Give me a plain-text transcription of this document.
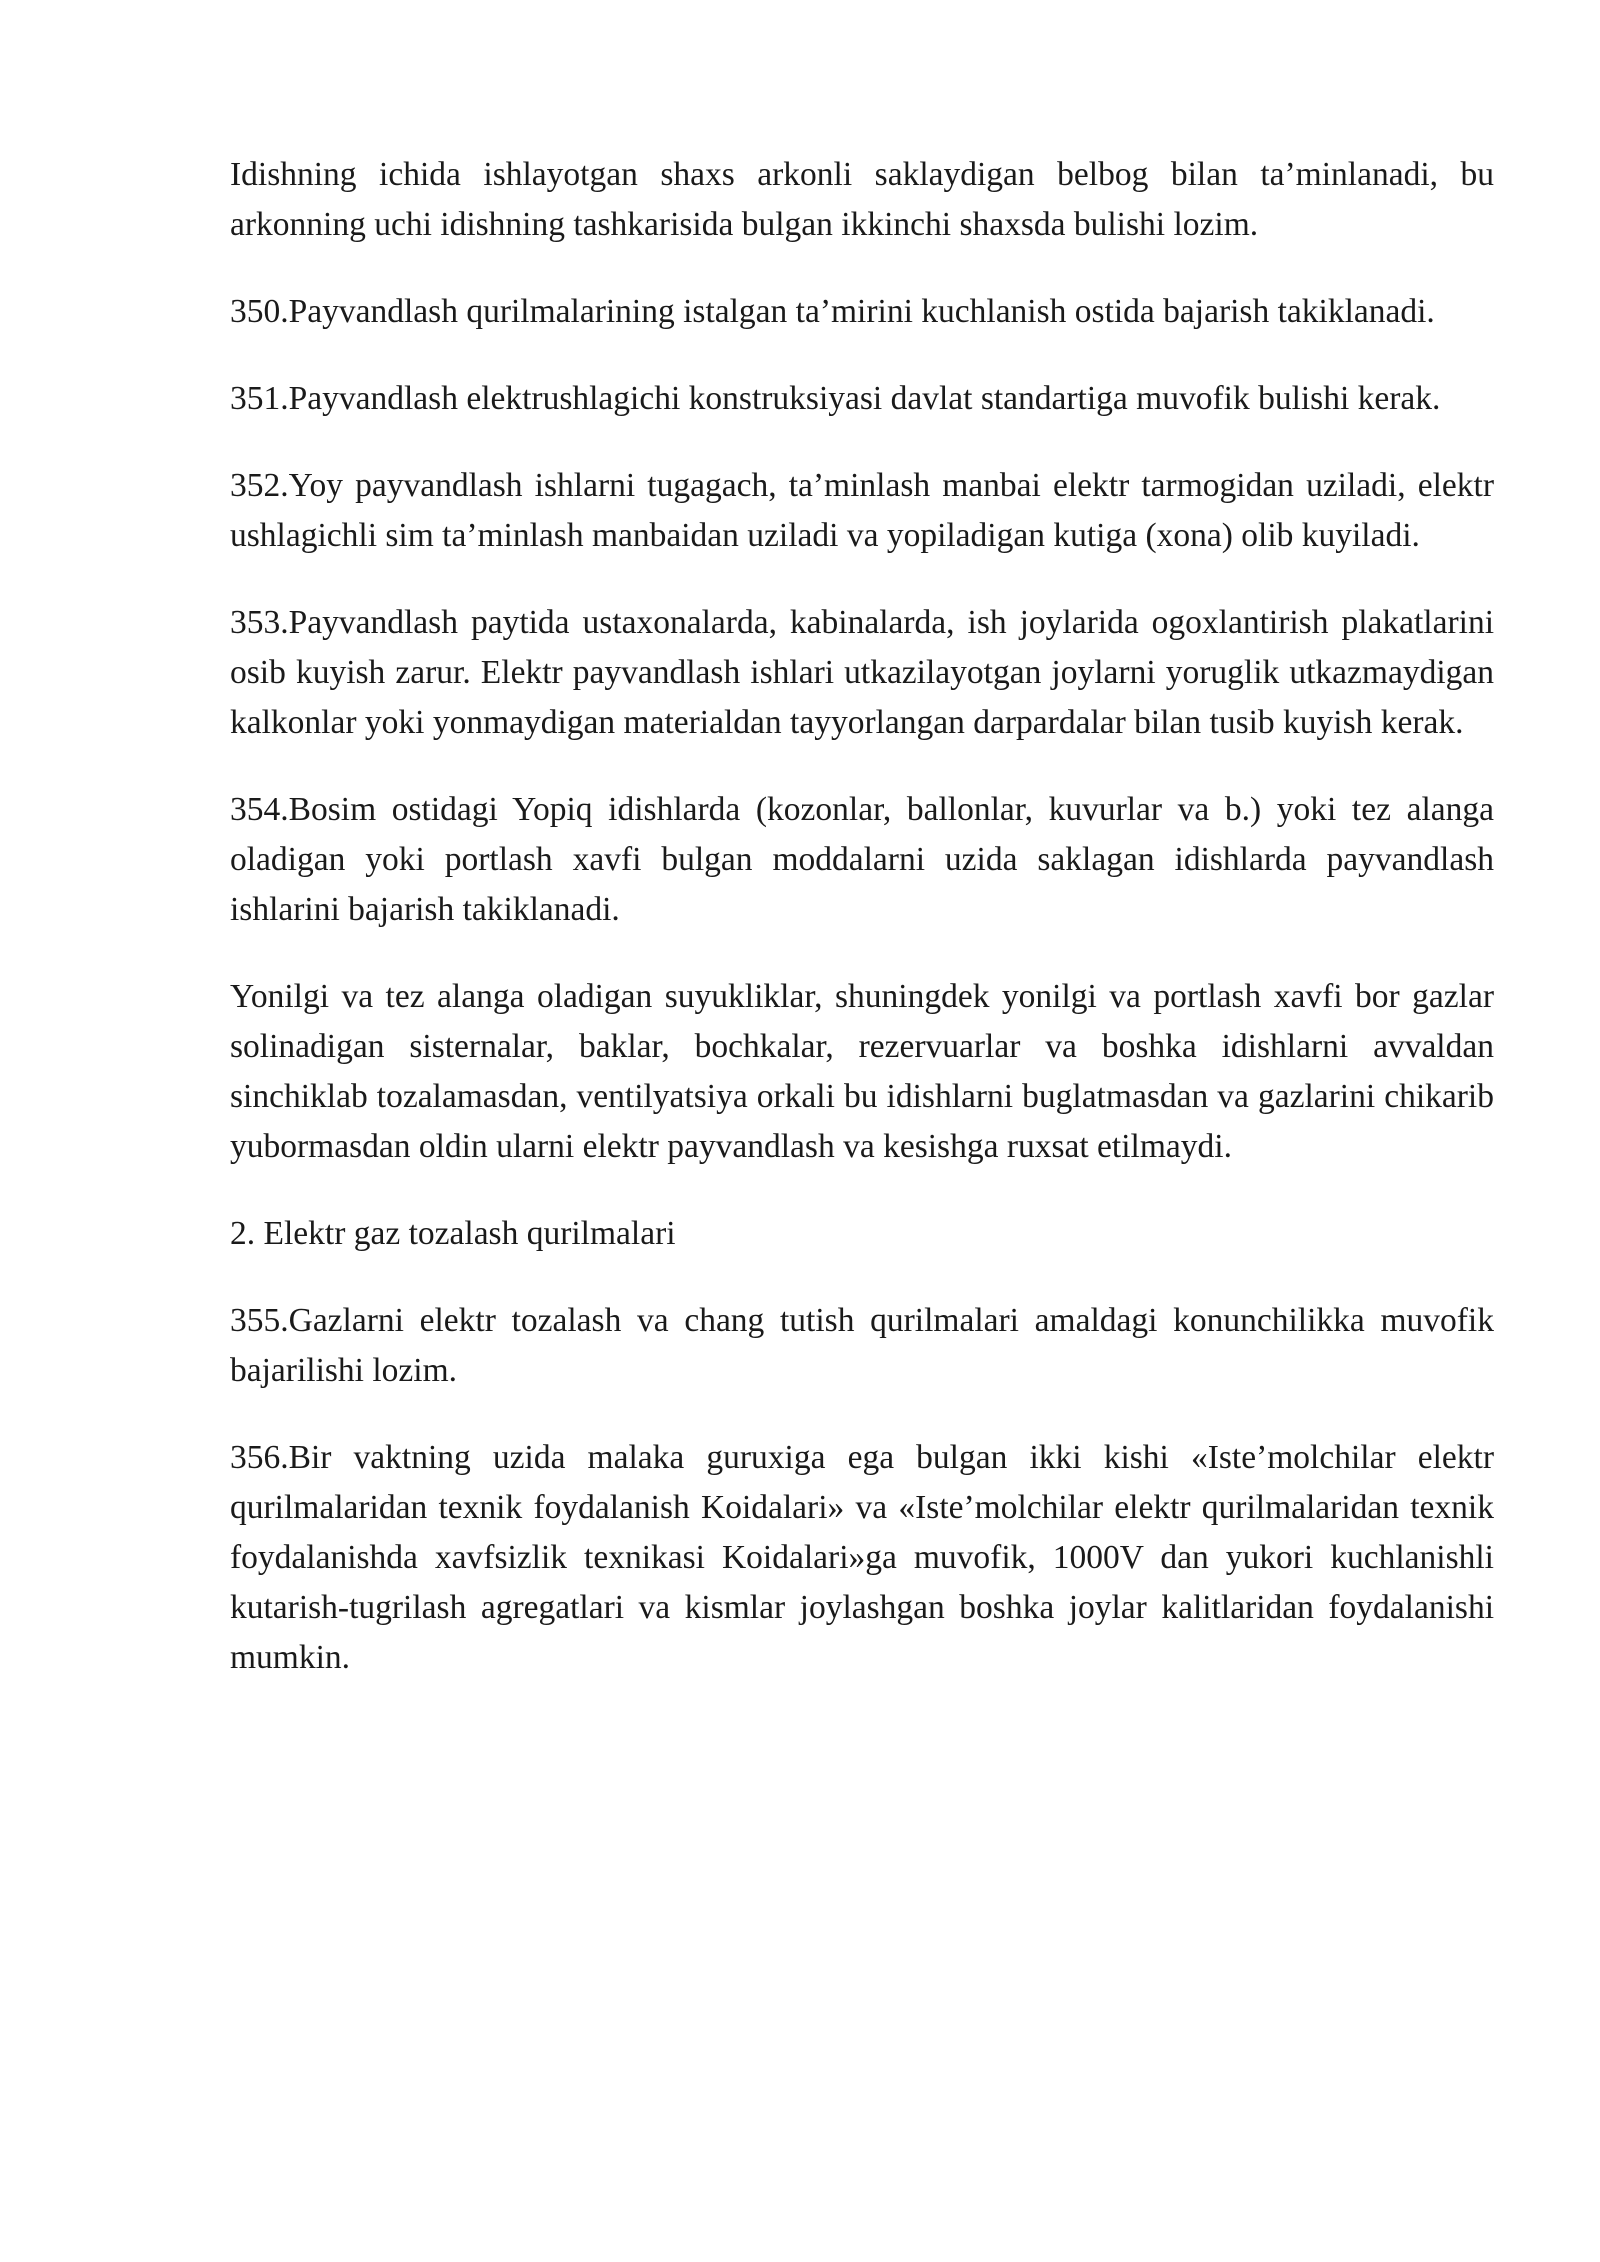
Idishning ichida ishlayotgan shaxs arkonli saklaydigan belbog bilan ta’minlanadi, bu arkonning uchi idishning tashkarisida bulgan ikkinchi shaxsda bulishi lozim.

350.Payvandlash qurilmalarining istalgan ta’mirini kuchlanish ostida bajarish takiklanadi.

351.Payvandlash elektrushlagichi konstruksiyasi davlat standartiga muvofik bulishi kerak.

352.Yoy payvandlash ishlarni tugagach, ta’minlash manbai elektr tarmogidan uziladi, elektr ushlagichli sim ta’minlash manbaidan uziladi va yopiladigan kutiga (xona) olib kuyiladi.

353.Payvandlash paytida ustaxonalarda, kabinalarda, ish joylarida ogoxlantirish plakatlarini osib kuyish zarur. Elektr payvandlash ishlari utkazilayotgan joylarni yoruglik utkazmaydigan kalkonlar yoki yonmaydigan materialdan tayyorlangan darpardalar bilan tusib kuyish kerak.

354.Bosim ostidagi Yopiq idishlarda (kozonlar, ballonlar, kuvurlar va b.) yoki tez alanga oladigan yoki portlash xavfi bulgan moddalarni uzida saklagan idishlarda payvandlash ishlarini bajarish takiklanadi.

Yonilgi va tez alanga oladigan suyukliklar, shuningdek yonilgi va portlash xavfi bor gazlar solinadigan sisternalar, baklar, bochkalar, rezervuarlar va boshka idishlarni avvaldan sinchiklab tozalamasdan, ventilyatsiya orkali bu idishlarni buglatmasdan va gazlarini chikarib yubormasdan oldin ularni elektr payvandlash va kesishga ruxsat etilmaydi.

2. Elektr gaz tozalash qurilmalari

355.Gazlarni elektr tozalash va chang tutish qurilmalari amaldagi konunchilikka muvofik bajarilishi lozim.

356.Bir vaktning uzida malaka guruxiga ega bulgan ikki kishi «Iste’molchilar elektr qurilmalaridan texnik foydalanish Koidalari» va «Iste’molchilar elektr qurilmalaridan texnik foydalanishda xavfsizlik texnikasi Koidalari»ga muvofik, 1000V dan yukori kuchlanishli kutarish-tugrilash agregatlari va kismlar joylashgan boshka joylar kalitlaridan foydalanishi mumkin.
